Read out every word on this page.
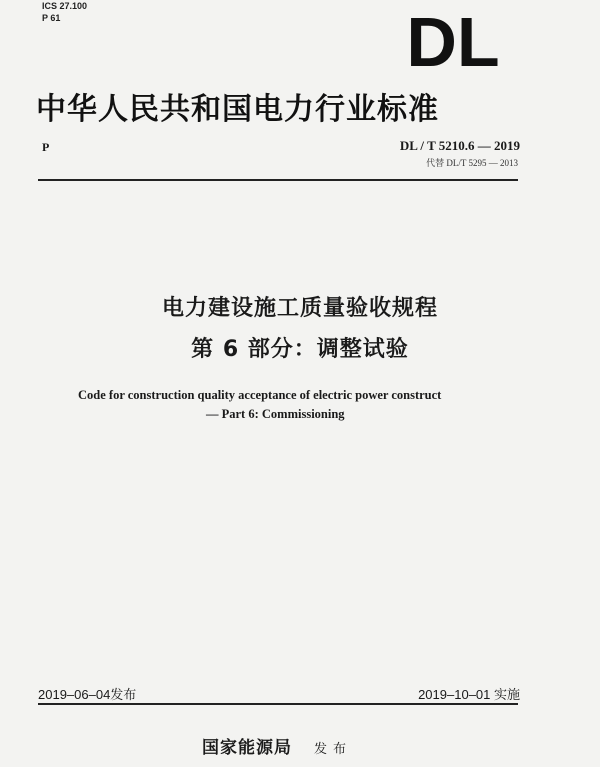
ICS 27.100
P 61	DL
中华人民共和国电力行业标准
P	DL / T 5210.6 — 2019
代替 DL/T 5295 — 2013
电力建设施工质量验收规程
第 6 部分：调整试验
Code for construction quality acceptance of electric power construct
— Part 6: Commissioning
2019–06–04发布	2019–10–01 实施
国家能源局 发布
